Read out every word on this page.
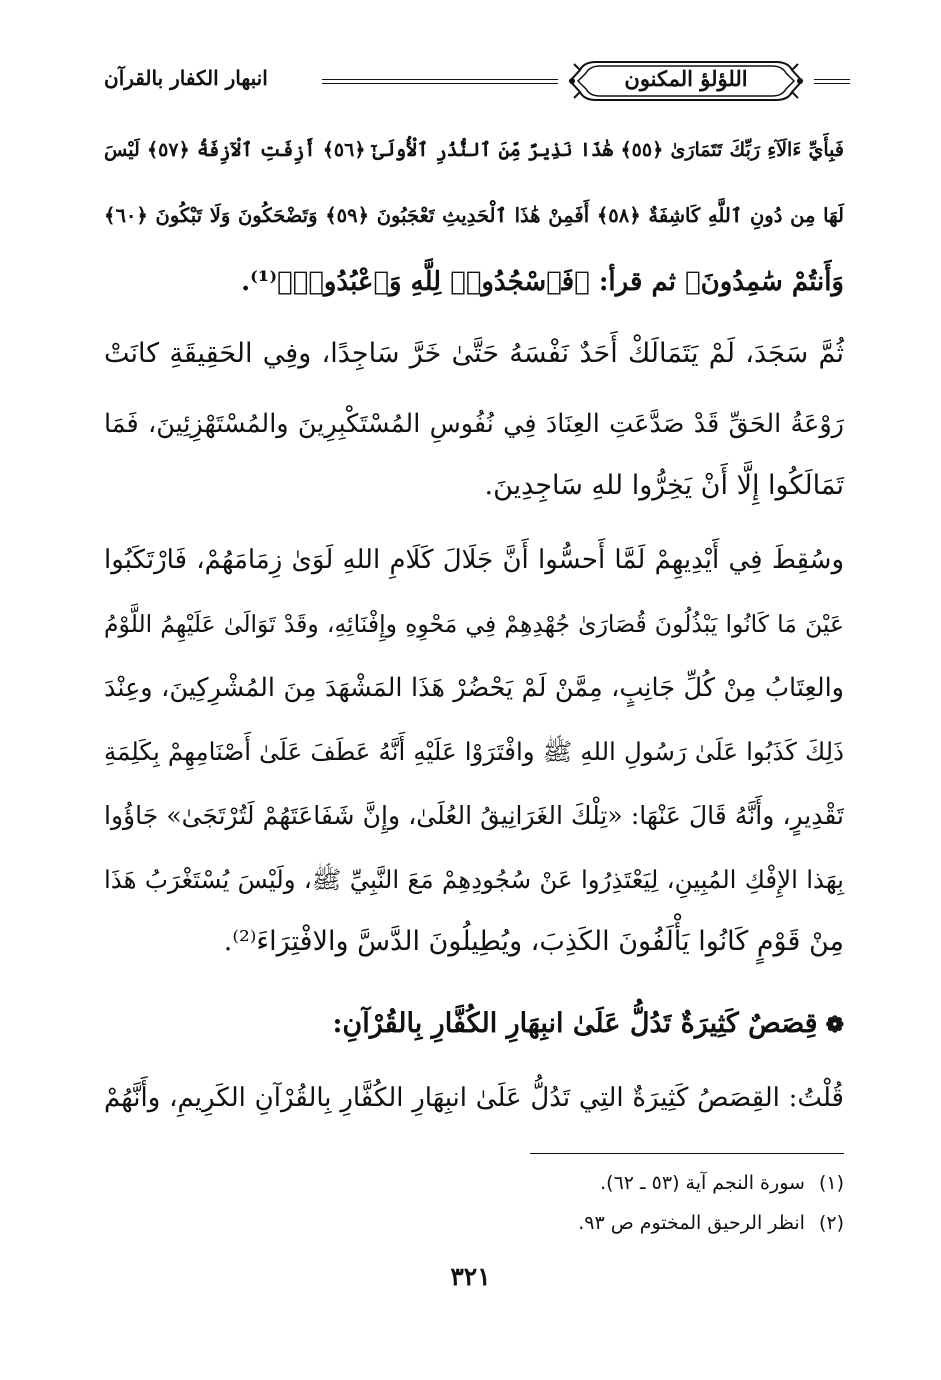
اللؤلؤ المكنون
انبهار الكفار بالقرآن
فَبِأَيِّ ءَالَآءِ رَبِّكَ تَتَمَارَىٰ ﴿٥٥﴾ هَٰذَا نَذِيرٌ مِّنَ ٱلنُّذُرِ ٱلْأُولَىٰٓ ﴿٥٦﴾ أَزِفَتِ ٱلْآزِفَةُ ﴿٥٧﴾ لَيْسَ
لَهَا مِن دُونِ ٱللَّهِ كَاشِفَةٌ ﴿٥٨﴾ أَفَمِنْ هَٰذَا ٱلْحَدِيثِ تَعْجَبُونَ ﴿٥٩﴾ وَتَضْحَكُونَ وَلَا تَبْكُونَ ﴿٦٠﴾
وَأَنتُمْ سَٰمِدُونَ﴾ ثم قرأ: ﴿فَٱسْجُدُوا۟ لِلَّهِ وَٱعْبُدُوا۟﴾⁽¹⁾.
ثُمَّ سَجَدَ، لَمْ يَتَمَالَكْ أَحَدٌ نَفْسَهُ حَتَّىٰ خَرَّ سَاجِدًا، وفِي الحَقِيقَةِ كانَتْ
رَوْعَةُ الحَقِّ قَدْ صَدَّعَتِ العِنَادَ فِي نُفُوسِ المُسْتَكْبِرِينَ والمُسْتَهْزِئِينَ، فَمَا
تَمَالَكُوا إِلَّا أَنْ يَخِرُّوا للهِ سَاجِدِينَ.
وسُقِطَ فِي أَيْدِيهِمْ لَمَّا أَحسُّوا أَنَّ جَلَالَ كَلَامِ اللهِ لَوَىٰ زِمَامَهُمْ، فَارْتَكَبُوا
عَيْنَ مَا كَانُوا يَبْذُلُونَ قُصَارَىٰ جُهْدِهِمْ فِي مَحْوِهِ وإِفْنَائِهِ، وقَدْ تَوَالَىٰ عَلَيْهِمُ اللَّوْمُ
والعِتَابُ مِنْ كُلِّ جَانِبٍ، مِمَّنْ لَمْ يَحْضُرْ هَذَا المَشْهَدَ مِنَ المُشْرِكِينَ، وعِنْدَ
ذَلِكَ كَذَبُوا عَلَىٰ رَسُولِ اللهِ ﷺ وافْتَرَوْا عَلَيْهِ أَنَّهُ عَطَفَ عَلَىٰ أَصْنَامِهِمْ بِكَلِمَةِ
تَقْدِيرٍ، وأَنَّهُ قَالَ عَنْهَا: «تِلْكَ الغَرَانِيقُ العُلَىٰ، وإِنَّ شَفَاعَتَهُمْ لَتُرْتَجَىٰ» جَاؤُوا
بِهَذا الإِفْكِ المُبِينِ، لِيَعْتَذِرُوا عَنْ سُجُودِهِمْ مَعَ النَّبِيِّ ﷺ، ولَيْسَ يُسْتَغْرَبُ هَذَا
مِنْ قَوْمٍ كَانُوا يَأْلَفُونَ الكَذِبَ، ويُطِيلُونَ الدَّسَّ والافْتِرَاءَ⁽²⁾.
❁قِصَصٌ كَثِيرَةٌ تَدُلُّ عَلَىٰ انبِهَارِ الكُفَّارِ بِالقُرْآنِ:
قُلْتُ: القِصَصُ كَثِيرَةٌ التِي تَدُلُّ عَلَىٰ انبِهَارِ الكُفَّارِ بِالقُرْآنِ الكَرِيمِ، وأَنَّهُمْ
(١)سورة النجم آية (٥٣ ـ ٦٢).
(٢)انظر الرحيق المختوم ص ٩٣.
٣٢١
